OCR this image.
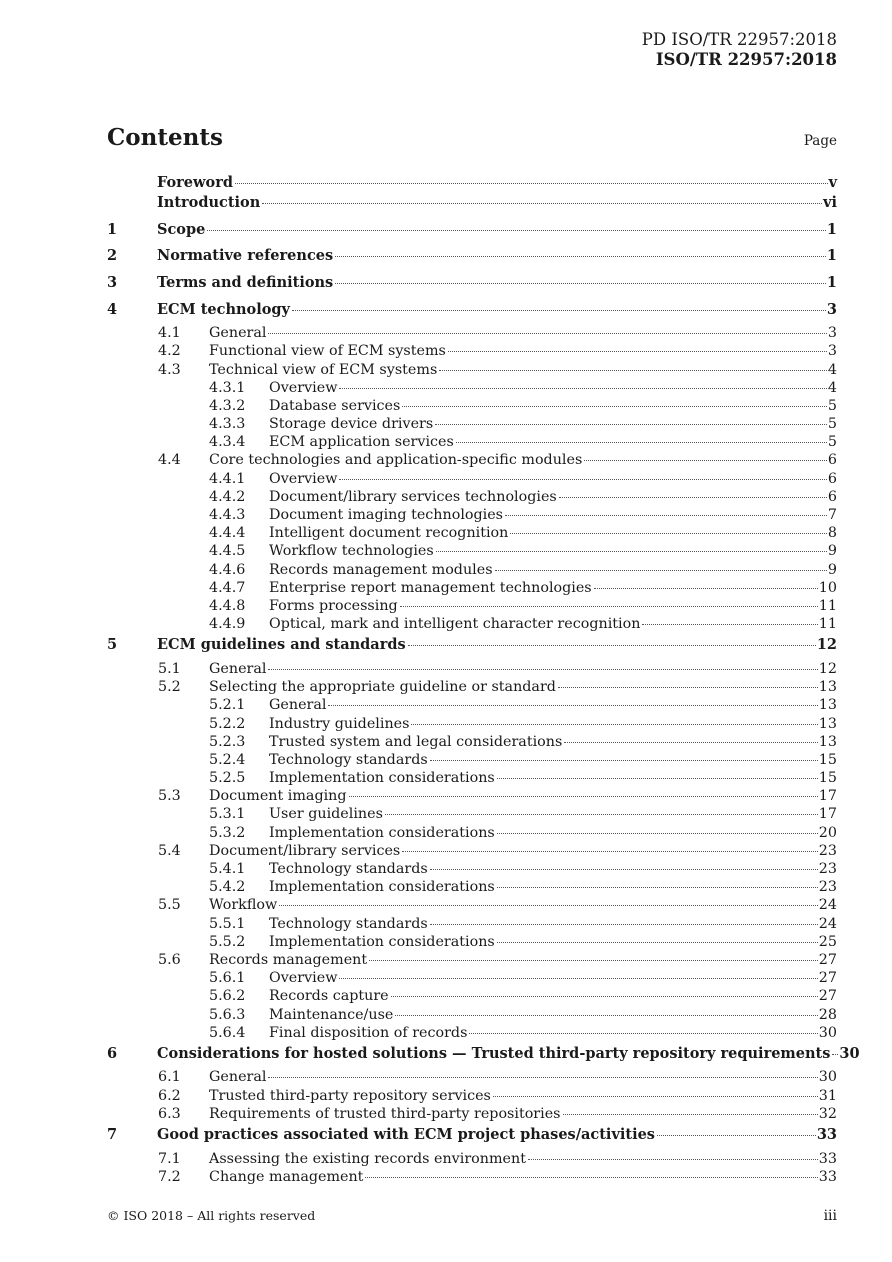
PD ISO/TR 22957:2018
ISO/TR 22957:2018
Contents	Page
Foreword	v
Introduction	vi
1	Scope	1
2	Normative references	1
3	Terms and definitions	1
4	ECM technology	3
4.1	General	3
4.2	Functional view of ECM systems	3
4.3	Technical view of ECM systems	4
4.3.1	Overview	4
4.3.2	Database services	5
4.3.3	Storage device drivers	5
4.3.4	ECM application services	5
4.4	Core technologies and application-specific modules	6
4.4.1	Overview	6
4.4.2	Document/library services technologies	6
4.4.3	Document imaging technologies	7
4.4.4	Intelligent document recognition	8
4.4.5	Workflow technologies	9
4.4.6	Records management modules	9
4.4.7	Enterprise report management technologies	10
4.4.8	Forms processing	11
4.4.9	Optical, mark and intelligent character recognition	11
5	ECM guidelines and standards	12
5.1	General	12
5.2	Selecting the appropriate guideline or standard	13
5.2.1	General	13
5.2.2	Industry guidelines	13
5.2.3	Trusted system and legal considerations	13
5.2.4	Technology standards	15
5.2.5	Implementation considerations	15
5.3	Document imaging	17
5.3.1	User guidelines	17
5.3.2	Implementation considerations	20
5.4	Document/library services	23
5.4.1	Technology standards	23
5.4.2	Implementation considerations	23
5.5	Workflow	24
5.5.1	Technology standards	24
5.5.2	Implementation considerations	25
5.6	Records management	27
5.6.1	Overview	27
5.6.2	Records capture	27
5.6.3	Maintenance/use	28
5.6.4	Final disposition of records	30
6	Considerations for hosted solutions — Trusted third-party repository requirements 30
6.1	General	30
6.2	Trusted third-party repository services	31
6.3	Requirements of trusted third-party repositories	32
7	Good practices associated with ECM project phases/activities	33
7.1	Assessing the existing records environment	33
7.2	Change management	33
© ISO 2018 – All rights reserved	iii
